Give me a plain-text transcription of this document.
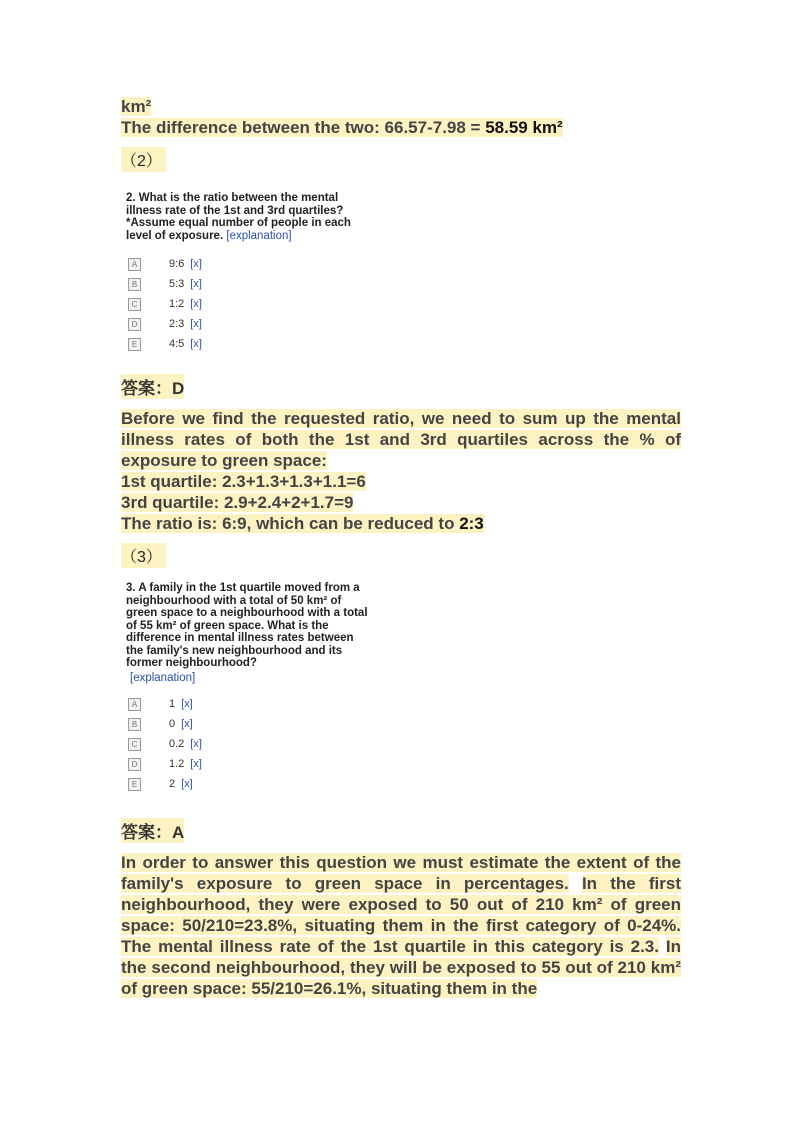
km²
The difference between the two: 66.57-7.98 = 58.59 km²
（2）
2. What is the ratio between the mental illness rate of the 1st and 3rd quartiles? *Assume equal number of people in each level of exposure. [explanation]
A	9:6 [x]
B	5:3 [x]
C	1:2 [x]
D	2:3 [x]
E	4:5 [x]
答案：D
Before we find the requested ratio, we need to sum up the mental illness rates of both the 1st and 3rd quartiles across the % of exposure to green space:
1st quartile: 2.3+1.3+1.3+1.1=6
3rd quartile: 2.9+2.4+2+1.7=9
The ratio is: 6:9, which can be reduced to 2:3
（3）
3. A family in the 1st quartile moved from a neighbourhood with a total of 50 km² of green space to a neighbourhood with a total of 55 km² of green space. What is the difference in mental illness rates between the family's new neighbourhood and its former neighbourhood?
[explanation]
A	1 [x]
B	0 [x]
C	0.2 [x]
D	1.2 [x]
E	2 [x]
答案：A
In order to answer this question we must estimate the extent of the family's exposure to green space in percentages. In the first neighbourhood, they were exposed to 50 out of 210 km² of green space: 50/210=23.8%, situating them in the first category of 0-24%. The mental illness rate of the 1st quartile in this category is 2.3. In the second neighbourhood, they will be exposed to 55 out of 210 km² of green space: 55/210=26.1%, situating them in the
